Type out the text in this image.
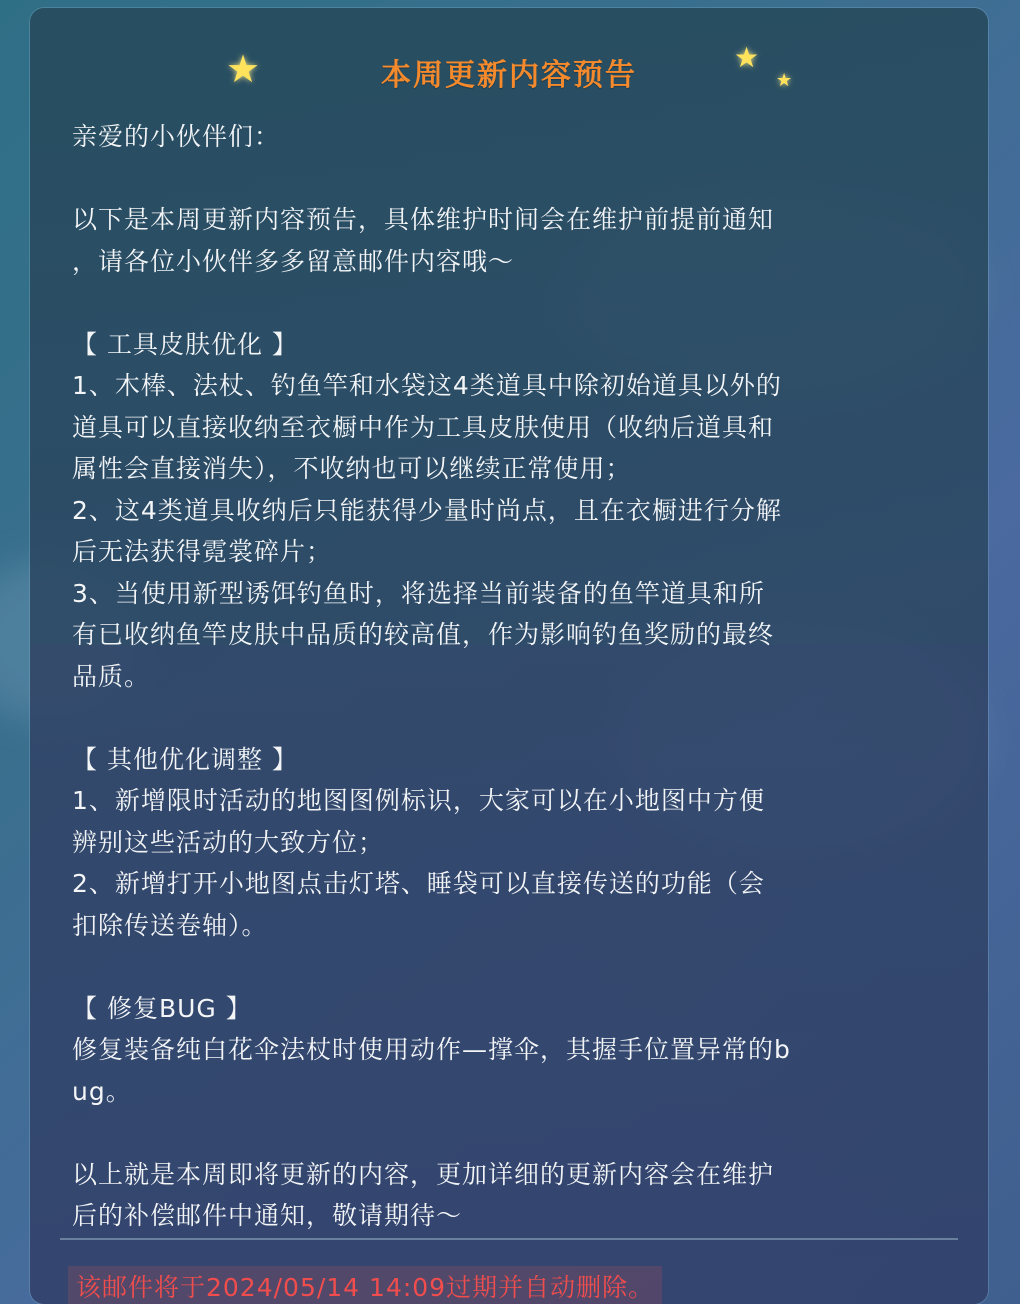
★	★
★
本周更新内容预告
亲爱的小伙伴们：
以下是本周更新内容预告，具体维护时间会在维护前提前通知
，请各位小伙伴多多留意邮件内容哦～
【 工具皮肤优化 】
1、木棒、法杖、钓鱼竿和水袋这4类道具中除初始道具以外的
道具可以直接收纳至衣橱中作为工具皮肤使用（收纳后道具和
属性会直接消失），不收纳也可以继续正常使用；
2、这4类道具收纳后只能获得少量时尚点，且在衣橱进行分解
后无法获得霓裳碎片；
3、当使用新型诱饵钓鱼时，将选择当前装备的鱼竿道具和所
有已收纳鱼竿皮肤中品质的较高值，作为影响钓鱼奖励的最终
品质。
【 其他优化调整 】
1、新增限时活动的地图图例标识，大家可以在小地图中方便
辨别这些活动的大致方位；
2、新增打开小地图点击灯塔、睡袋可以直接传送的功能（会
扣除传送卷轴）。
【 修复BUG 】
修复装备纯白花伞法杖时使用动作—撑伞，其握手位置异常的b
ug。
以上就是本周即将更新的内容，更加详细的更新内容会在维护
后的补偿邮件中通知，敬请期待～
该邮件将于2024/05/14 14:09过期并自动删除。
